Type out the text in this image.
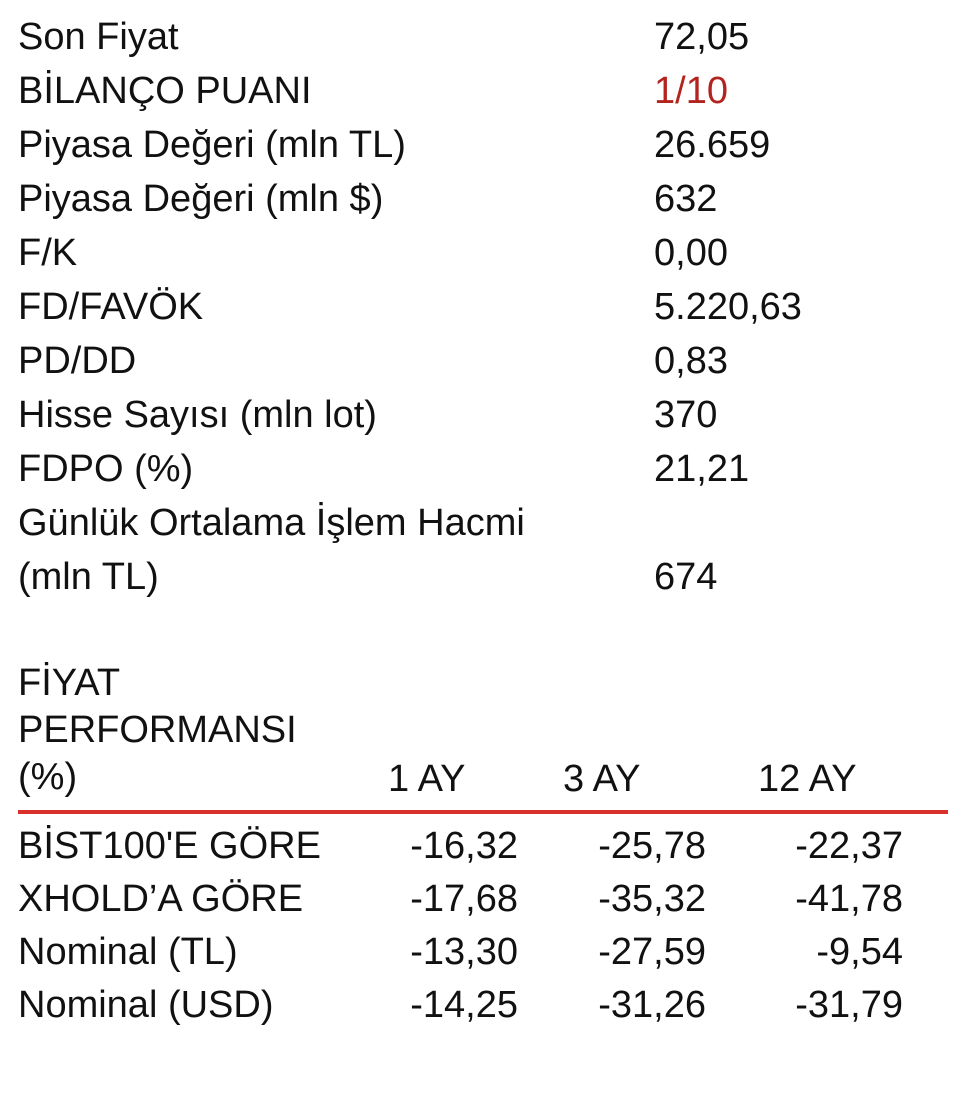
Son Fiyat	72,05
BİLANÇO PUANI	1/10
Piyasa Değeri (mln TL)	26.659
Piyasa Değeri (mln $)	632
F/K	0,00
FD/FAVÖK	5.220,63
PD/DD	0,83
Hisse Sayısı (mln lot)	370
FDPO (%)	21,21
Günlük Ortalama İşlem Hacmi (mln TL)	674
FİYAT PERFORMANSI (%)	1 AY	3 AY	12 AY
BİST100'E GÖRE	-16,32	-25,78	-22,37
XHOLD’A GÖRE	-17,68	-35,32	-41,78
Nominal (TL)	-13,30	-27,59	-9,54
Nominal (USD)	-14,25	-31,26	-31,79
